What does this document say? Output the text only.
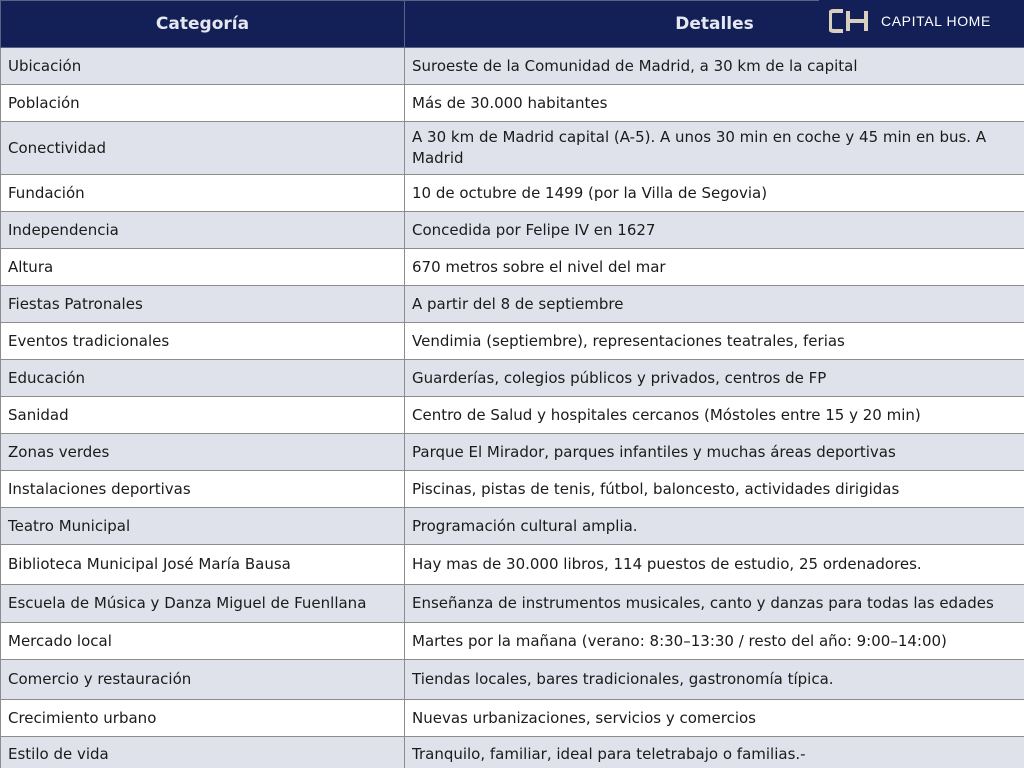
Categoría	Detalles
Ubicación	Suroeste de la Comunidad de Madrid, a 30 km de la capital
Población	Más de 30.000 habitantes
Conectividad	A 30 km de Madrid capital (A-5). A unos 30 min en coche y 45 min en bus. A Madrid
Fundación	10 de octubre de 1499 (por la Villa de Segovia)
Independencia	Concedida por Felipe IV en 1627
Altura	670 metros sobre el nivel del mar
Fiestas Patronales	A partir del 8 de septiembre
Eventos tradicionales	Vendimia (septiembre), representaciones teatrales, ferias
Educación	Guarderías, colegios públicos y privados, centros de FP
Sanidad	Centro de Salud y hospitales cercanos (Móstoles entre 15 y 20 min)
Zonas verdes	Parque El Mirador, parques infantiles y muchas áreas deportivas
Instalaciones deportivas	Piscinas, pistas de tenis, fútbol, baloncesto, actividades dirigidas
Teatro Municipal	Programación cultural amplia.
Biblioteca Municipal José María Bausa	Hay mas de 30.000 libros, 114 puestos de estudio, 25 ordenadores.
Escuela de Música y Danza Miguel de Fuenllana	Enseñanza de instrumentos musicales, canto y danzas para todas las edades
Mercado local	Martes por la mañana (verano: 8:30–13:30 / resto del año: 9:00–14:00)
Comercio y restauración	Tiendas locales, bares tradicionales, gastronomía típica.
Crecimiento urbano	Nuevas urbanizaciones, servicios y comercios
Estilo de vida	Tranquilo, familiar, ideal para teletrabajo o familias.-
CAPITAL HOME
